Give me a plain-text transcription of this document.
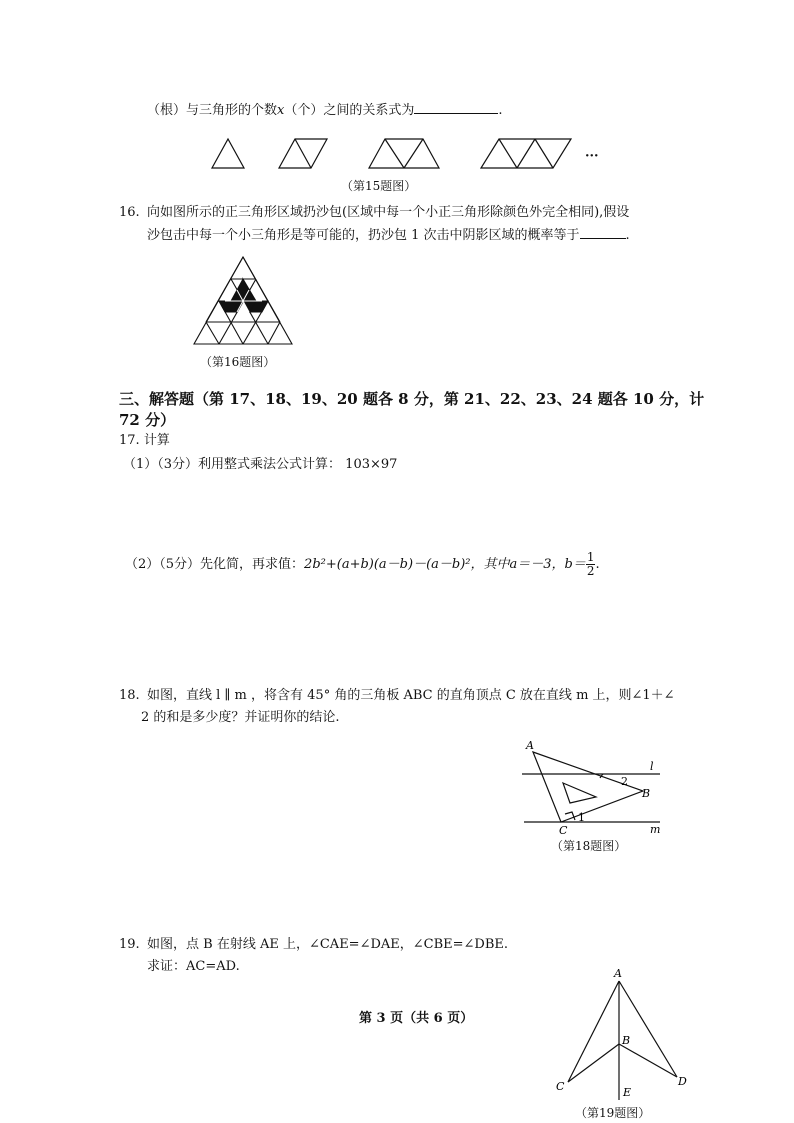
（根）与三角形的个数x（个）之间的关系式为	.
···
（第15题图）
16. 向如图所示的正三角形区域扔沙包(区域中每一个小正三角形除颜色外完全相同),假设
沙包击中每一个小三角形是等可能的，扔沙包 1 次击中阴影区域的概率等于	.
（第16题图）
三、解答题（第 17、18、19、20 题各 8 分，第 21、22、23、24 题各 10 分，计
72 分）
17. 计算
（1）（3分）利用整式乘法公式计算： 103×97
（2）（5分）先化简，再求值：2b²+(a+b)(a－b)－(a－b)²，其中a＝－3，$b= \frac{1}{2}$ .
18. 如图，直线 l ∥ m ，将含有 45° 角的三角板 ABC 的直角顶点 C 放在直线 m 上，则∠1＋∠
2 的和是多少度？并证明你的结论.
A
B
C
l
m
2
1
（第18题图）
19. 如图，点 B 在射线 AE 上，∠CAE=∠DAE，∠CBE=∠DBE.
求证：AC=AD.
第 3 页（共 6 页）
A
B
C	D
E
（第19题图）
